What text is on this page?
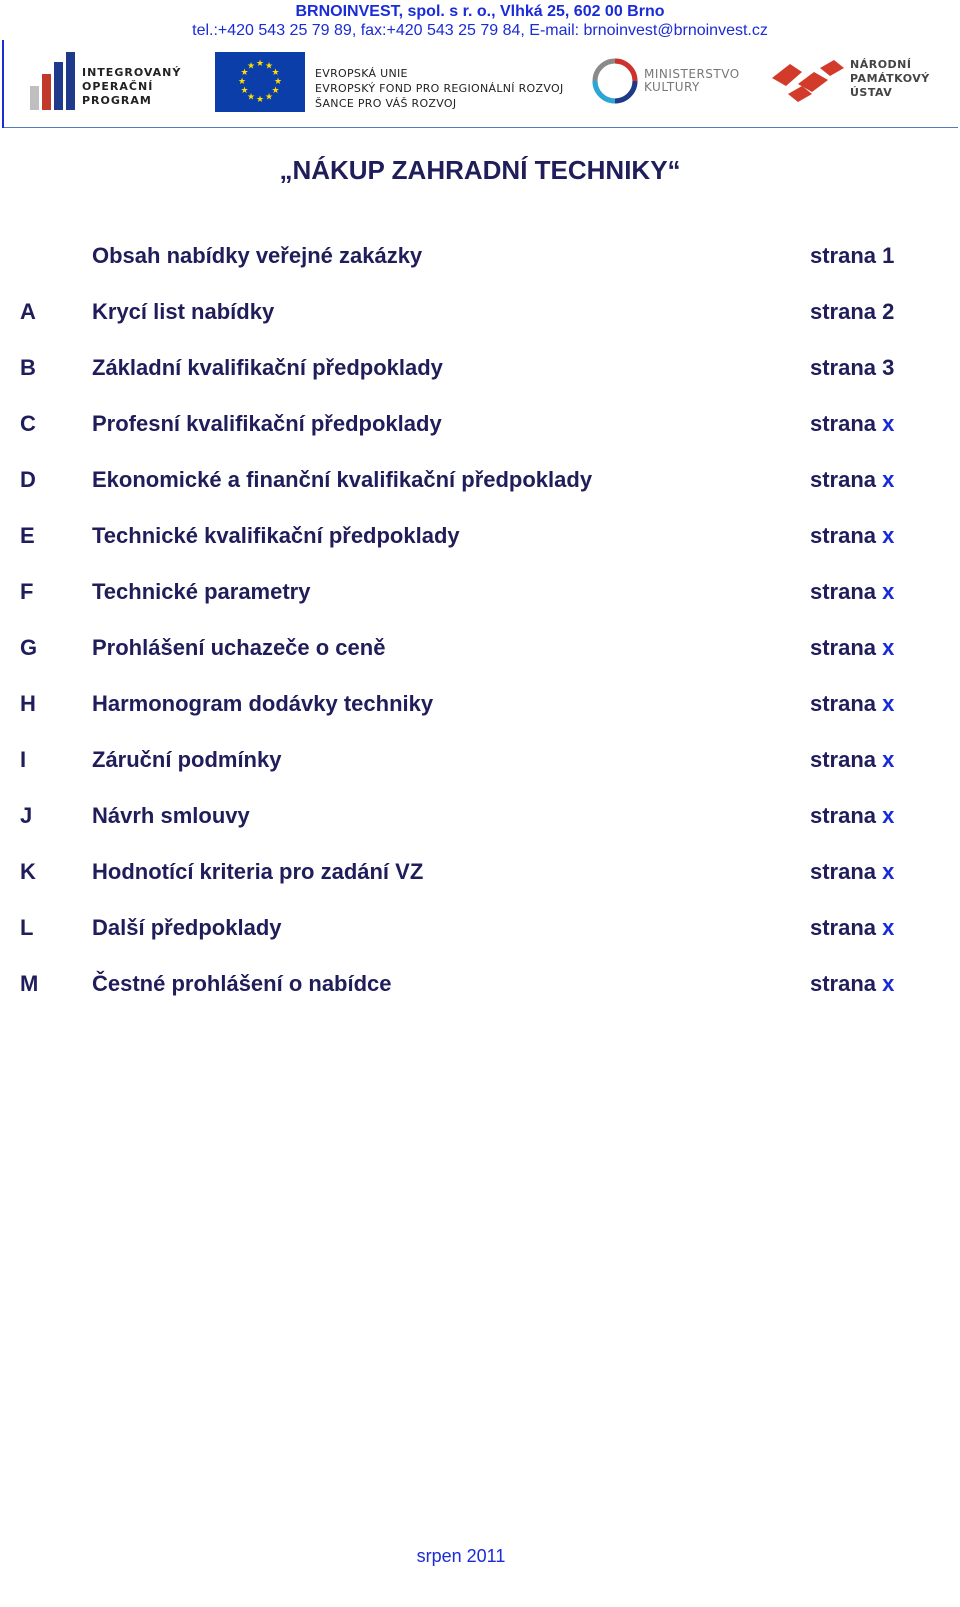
BRNOINVEST, spol. s r. o., Vlhká 25, 602 00 Brno
tel.:+420 543 25 79 89, fax:+420 543 25 79 84, E-mail: brnoinvest@brnoinvest.cz
INTEGROVANÝ
OPERAČNÍ
PROGRAM
★ ★
★
★
★
★
★
★
★
★
★
★
EVROPSKÁ UNIE
EVROPSKÝ FOND PRO REGIONÁLNÍ ROZVOJ
ŠANCE PRO VÁŠ ROZVOJ
MINISTERSTVO
KULTURY
NÁRODNÍ
PAMÁTKOVÝ
ÚSTAV
„NÁKUP ZAHRADNÍ TECHNIKY“
Obsah nabídky veřejné zakázky	strana 1
A	Krycí list nabídky	strana 2
B	Základní kvalifikační předpoklady	strana 3
C	Profesní kvalifikační předpoklady	strana x
D	Ekonomické a finanční kvalifikační předpoklady	strana x
E	Technické kvalifikační předpoklady	strana x
F	Technické parametry	strana x
G Prohlášení uchazeče o ceně	strana x
H	Harmonogram dodávky techniky	strana x
I	Záruční podmínky	strana x
J	Návrh smlouvy	strana x
K	Hodnotící kriteria pro zadání VZ	strana x
L	Další předpoklady	strana x
M Čestné prohlášení o nabídce	strana x
srpen 2011
